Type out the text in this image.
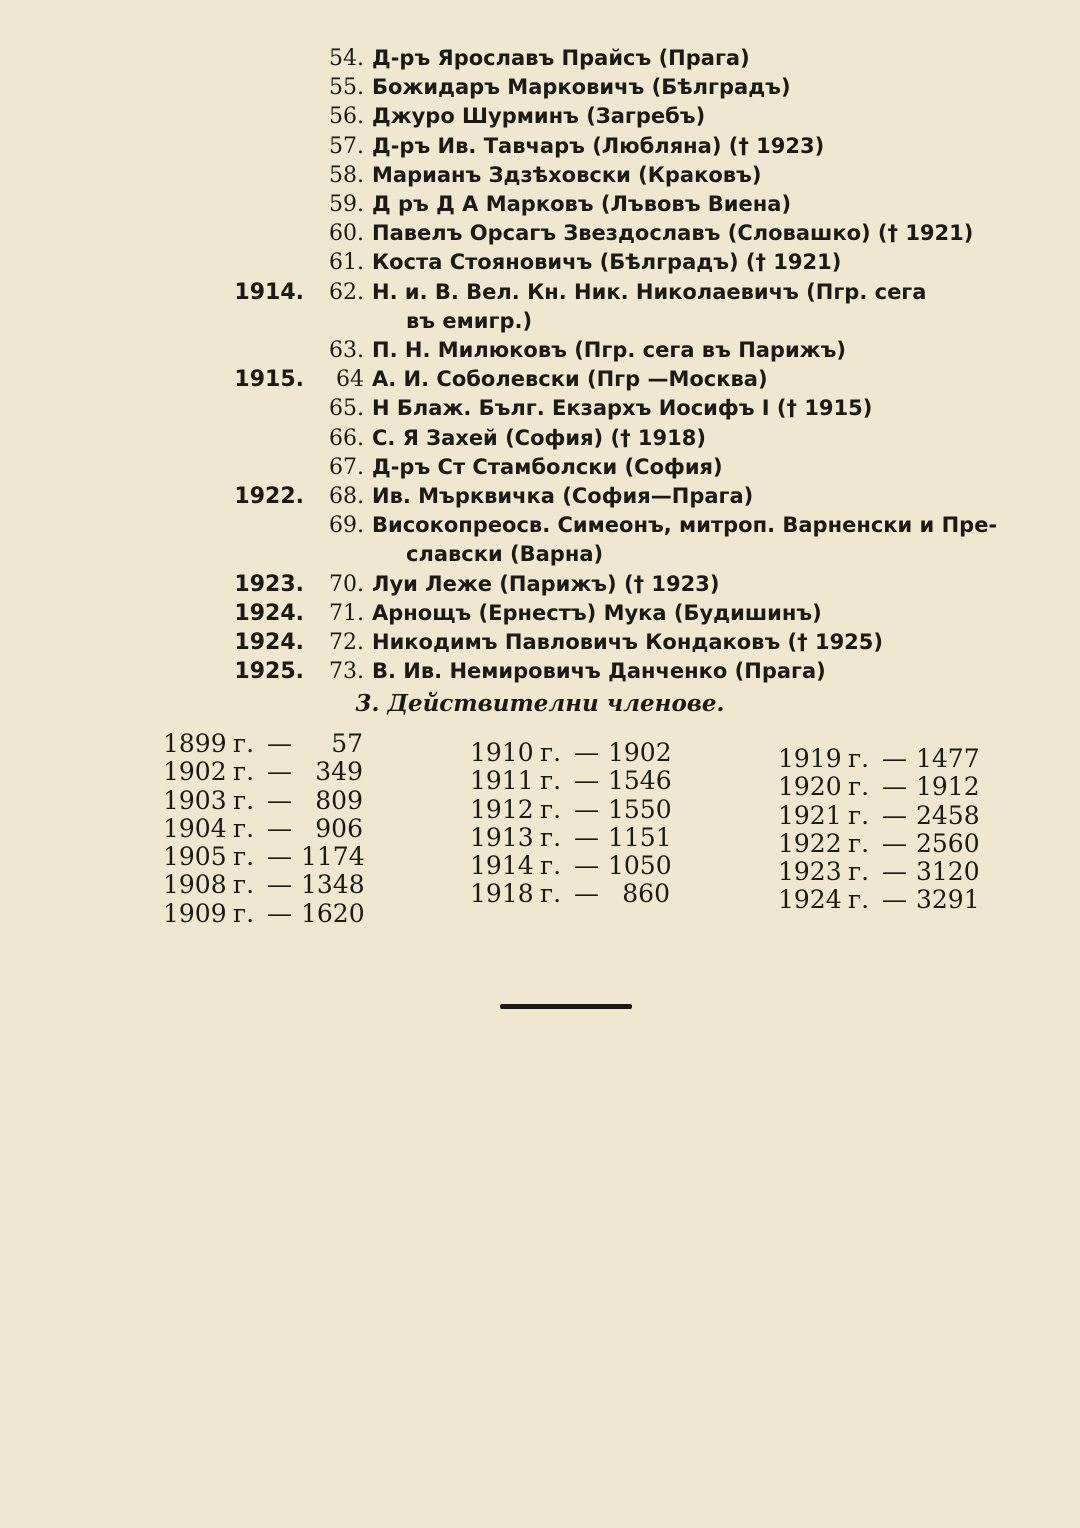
54. Д-ръ Ярославъ Прайсъ (Прага)
55. Божидаръ Марковичъ (Бѣлградъ)
56. Джуро Шурминъ (Загребъ)
57. Д-ръ Ив. Тавчаръ (Любляна) († 1923)
58. Марианъ Здзѣховски (Краковъ)
59. Д ръ Д А Марковъ (Лъвовъ Виена)
60. Павелъ Орсагъ Звездославъ (Словашко) († 1921)
61. Коста Стояновичъ (Бѣлградъ) († 1921)
1914.	62. Н. и. В. Вел. Кн. Ник. Николаевичъ (Пгр. сега
въ емигр.)
63. П. Н. Милюковъ (Пгр. сега въ Парижъ)
1915.	64 А. И. Соболевски (Пгр —Москва)
65. Н Блаж. Бълг. Екзархъ Иосифъ I († 1915)
66. С. Я Захей (София) († 1918)
67. Д-ръ Ст Стамболски (София)
1922.	68. Ив. Мърквичка (София—Прага)
69. Високопреосв. Симеонъ, митроп. Варненски и Пре-
славски (Варна)
1923.	70. Луи Леже (Парижъ) († 1923)
1924.	71. Арнощъ (Ернестъ) Мука (Будишинъ)
1924.	72. Никодимъ Павловичъ Кондаковъ († 1925)
1925.	73. В. Ив. Немировичъ Данченко (Прага)
3. Действителни членове.
1899 г. —	57
1902 г. — 349
1903 г. — 809
1904 г. — 906
1905 г. — 1174
1908 г. — 1348
1909 г. — 1620
1910 г. — 1902
1911 г. — 1546
1912 г. — 1550
1913 г. — 1151
1914 г. — 1050
1918 г. — 860
1919 г. — 1477
1920 г. — 1912
1921 г. — 2458
1922 г. — 2560
1923 г. — 3120
1924 г. — 3291
